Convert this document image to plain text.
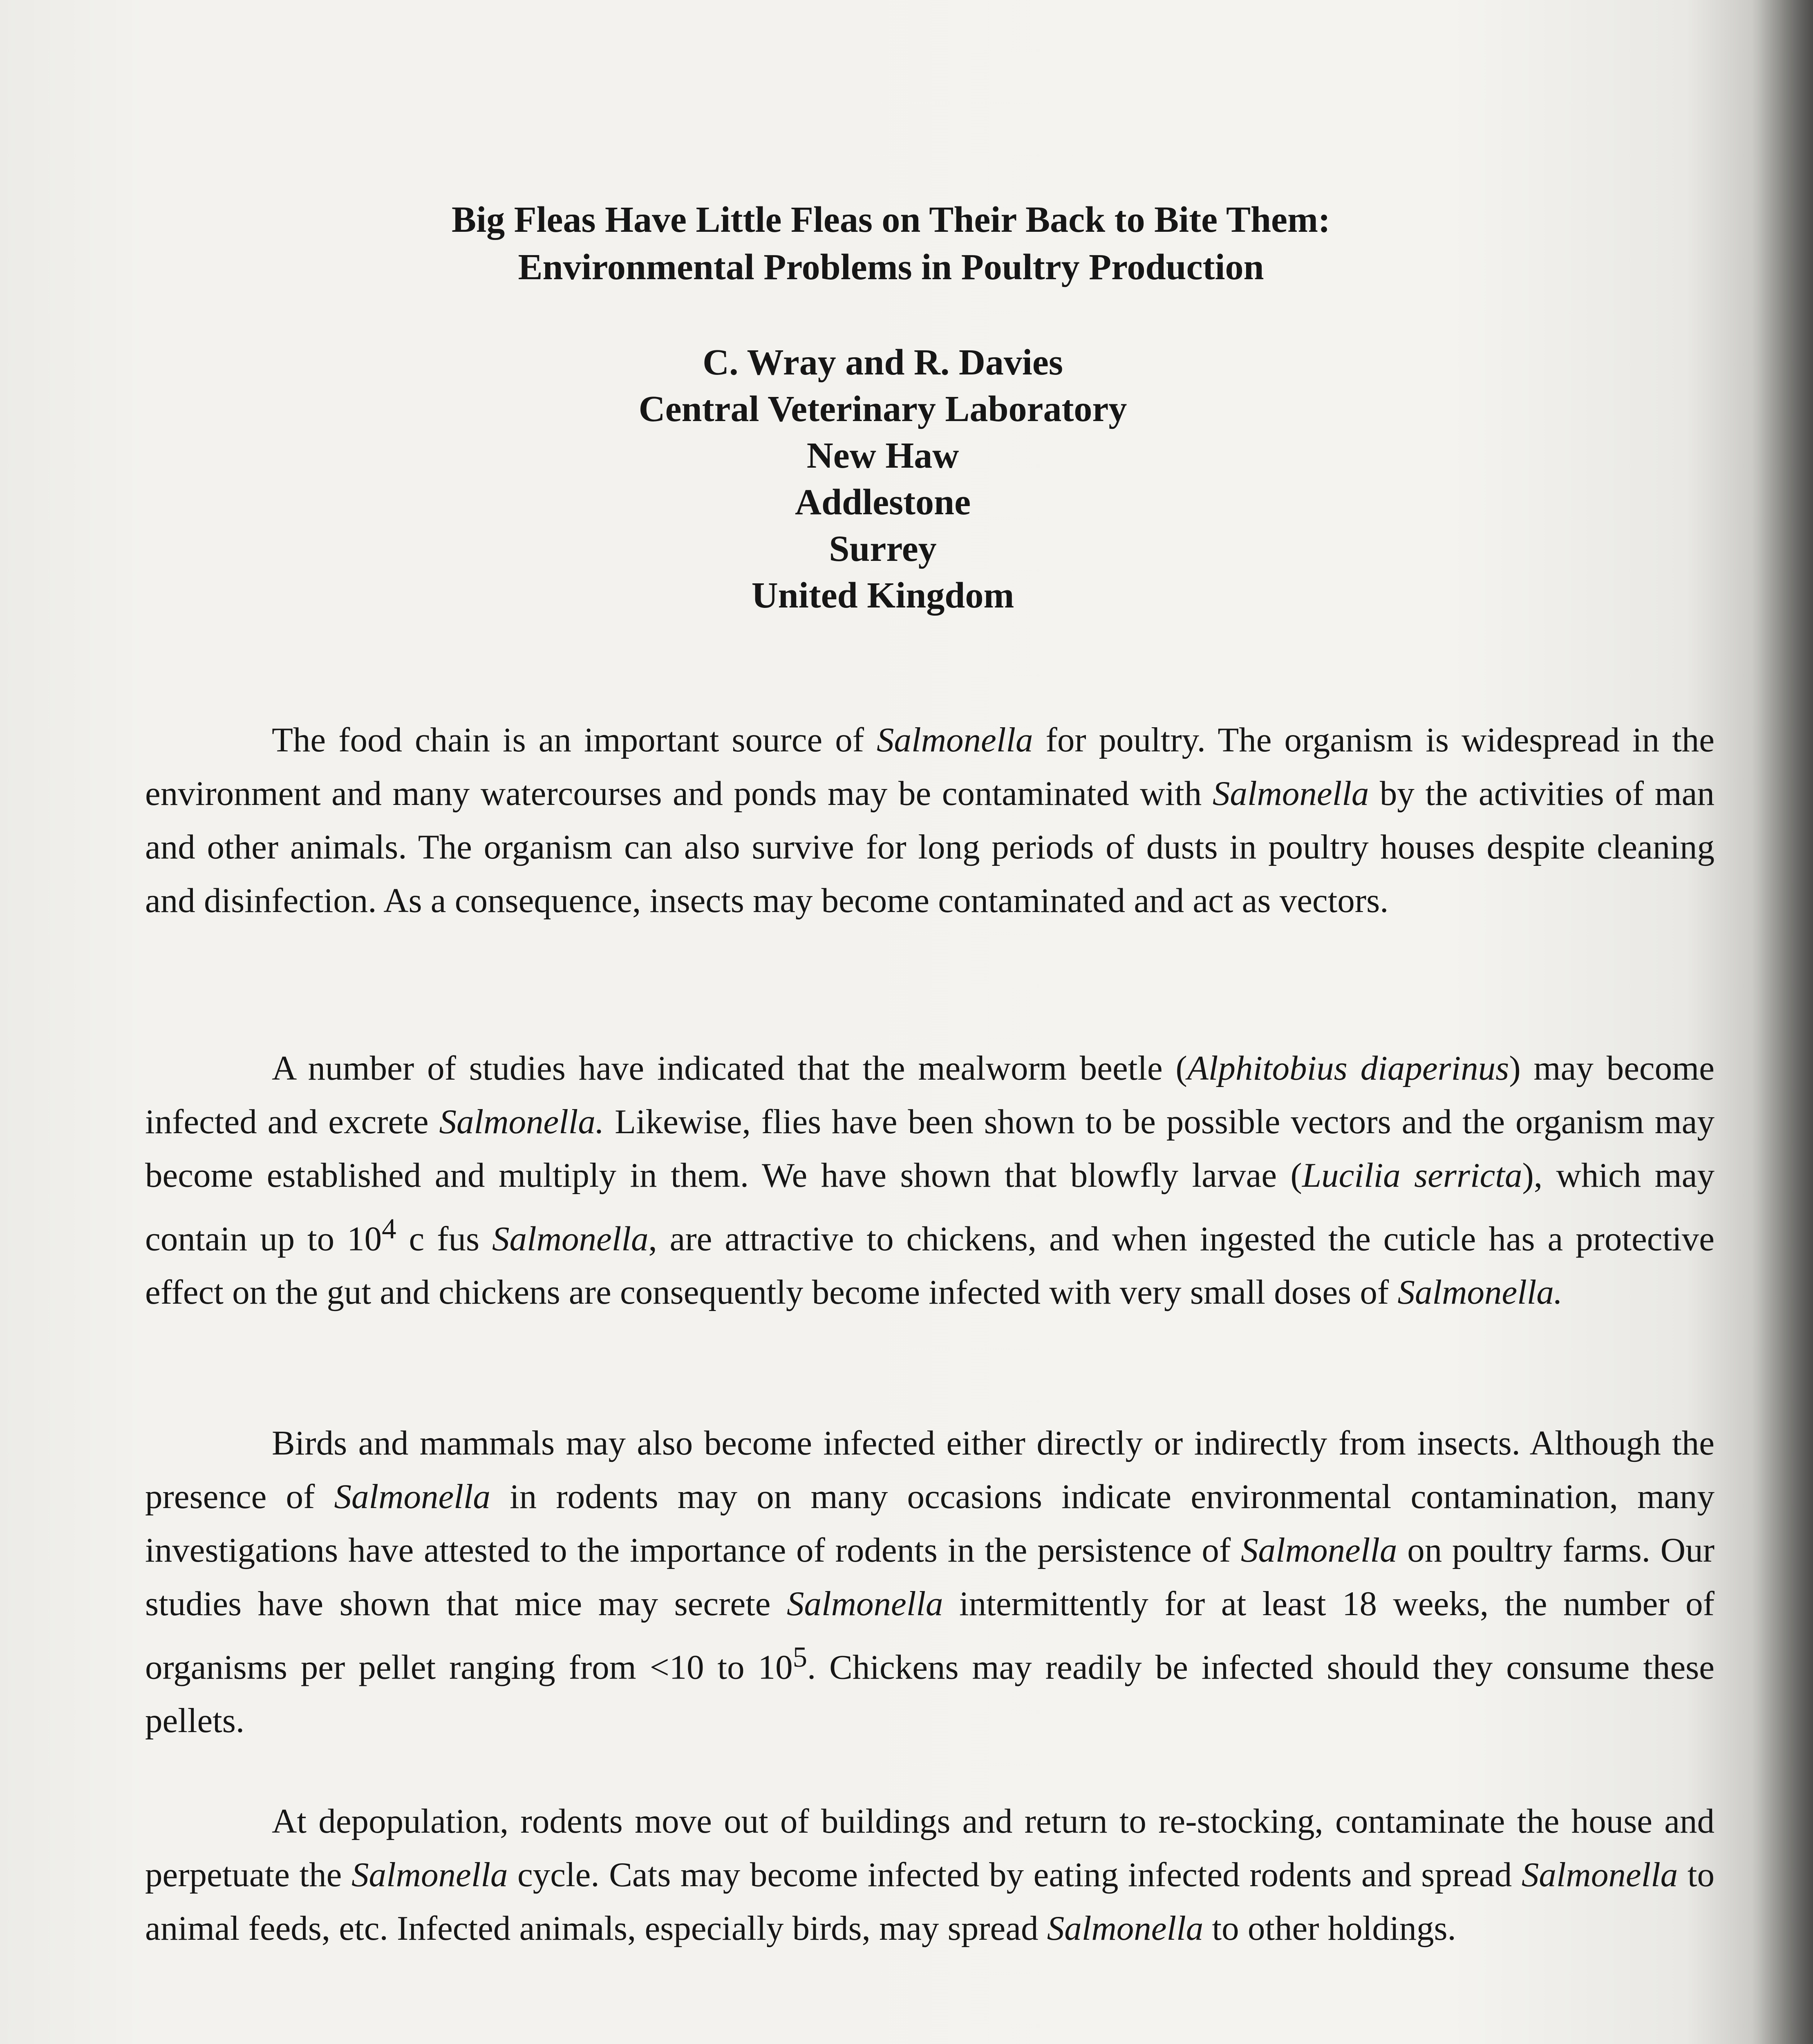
Big Fleas Have Little Fleas on Their Back to Bite Them:
Environmental Problems in Poultry Production
C. Wray and R. Davies
Central Veterinary Laboratory
New Haw
Addlestone
Surrey
United Kingdom

The food chain is an important source of Salmonella for poultry. The organism is widespread in the environment and many watercourses and ponds may be contaminated with Salmonella by the activities of man and other animals. The organism can also survive for long periods of dusts in poultry houses despite cleaning and disinfection. As a consequence, insects may become contaminated and act as vectors.

A number of studies have indicated that the mealworm beetle (Alphitobius diaperinus) may become infected and excrete Salmonella. Likewise, flies have been shown to be possible vectors and the organism may become established and multiply in them. We have shown that blowfly larvae (Lucilia serricta), which may contain up to $10^4$ c fus Salmonella, are attractive to chickens, and when ingested the cuticle has a protective effect on the gut and chickens are consequently become infected with very small doses of Salmonella.

Birds and mammals may also become infected either directly or indirectly from insects. Although the presence of Salmonella in rodents may on many occasions indicate environmental contamination, many investigations have attested to the importance of rodents in the persistence of Salmonella on poultry farms. Our studies have shown that mice may secrete Salmonella intermittently for at least 18 weeks, the number of organisms per pellet ranging from <10 to $10^5$. Chickens may readily be infected should they consume these pellets.

At depopulation, rodents move out of buildings and return to re-stocking, contaminate the house and perpetuate the Salmonella cycle. Cats may become infected by eating infected rodents and spread Salmonella to animal feeds, etc. Infected animals, especially birds, may spread Salmonella to other holdings.
